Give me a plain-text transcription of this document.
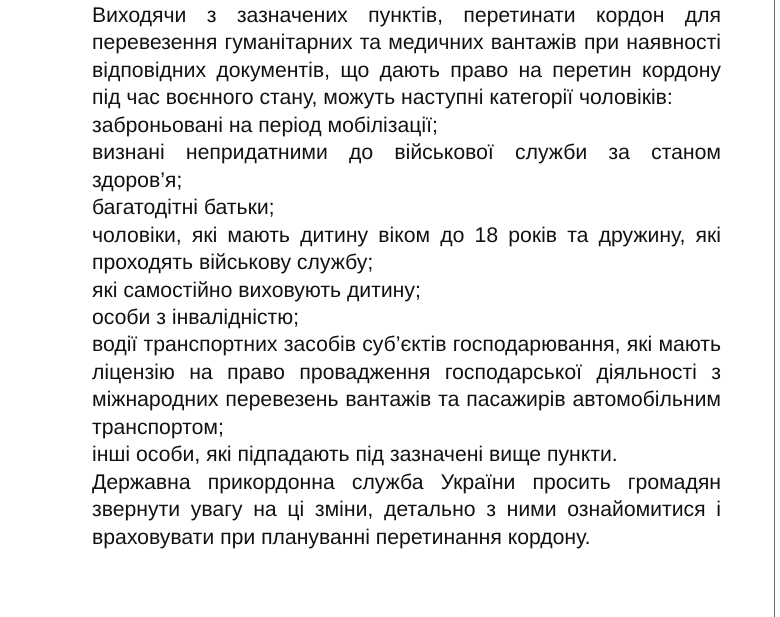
Виходячи з зазначених пунктів, перетинати кордон для перевезення гуманітарних та медичних вантажів при наявності відповідних документів, що дають право на перетин кордону під час воєнного стану, можуть наступні категорії чоловіків:

заброньовані на період мобілізації;

визнані непридатними до військової служби за станом здоров’я;

багатодітні батьки;

чоловіки, які мають дитину віком до 18 років та дружину, які проходять військову службу;

які самостійно виховують дитину;

особи з інвалідністю;

водії транспортних засобів суб’єктів господарювання, які мають ліцензію на право провадження господарської діяльності з міжнародних перевезень вантажів та пасажирів автомобільним транспортом;

інші особи, які підпадають під зазначені вище пункти.

Державна прикордонна служба України просить громадян звернути увагу на ці зміни, детально з ними ознайомитися і враховувати при плануванні перетинання кордону.
